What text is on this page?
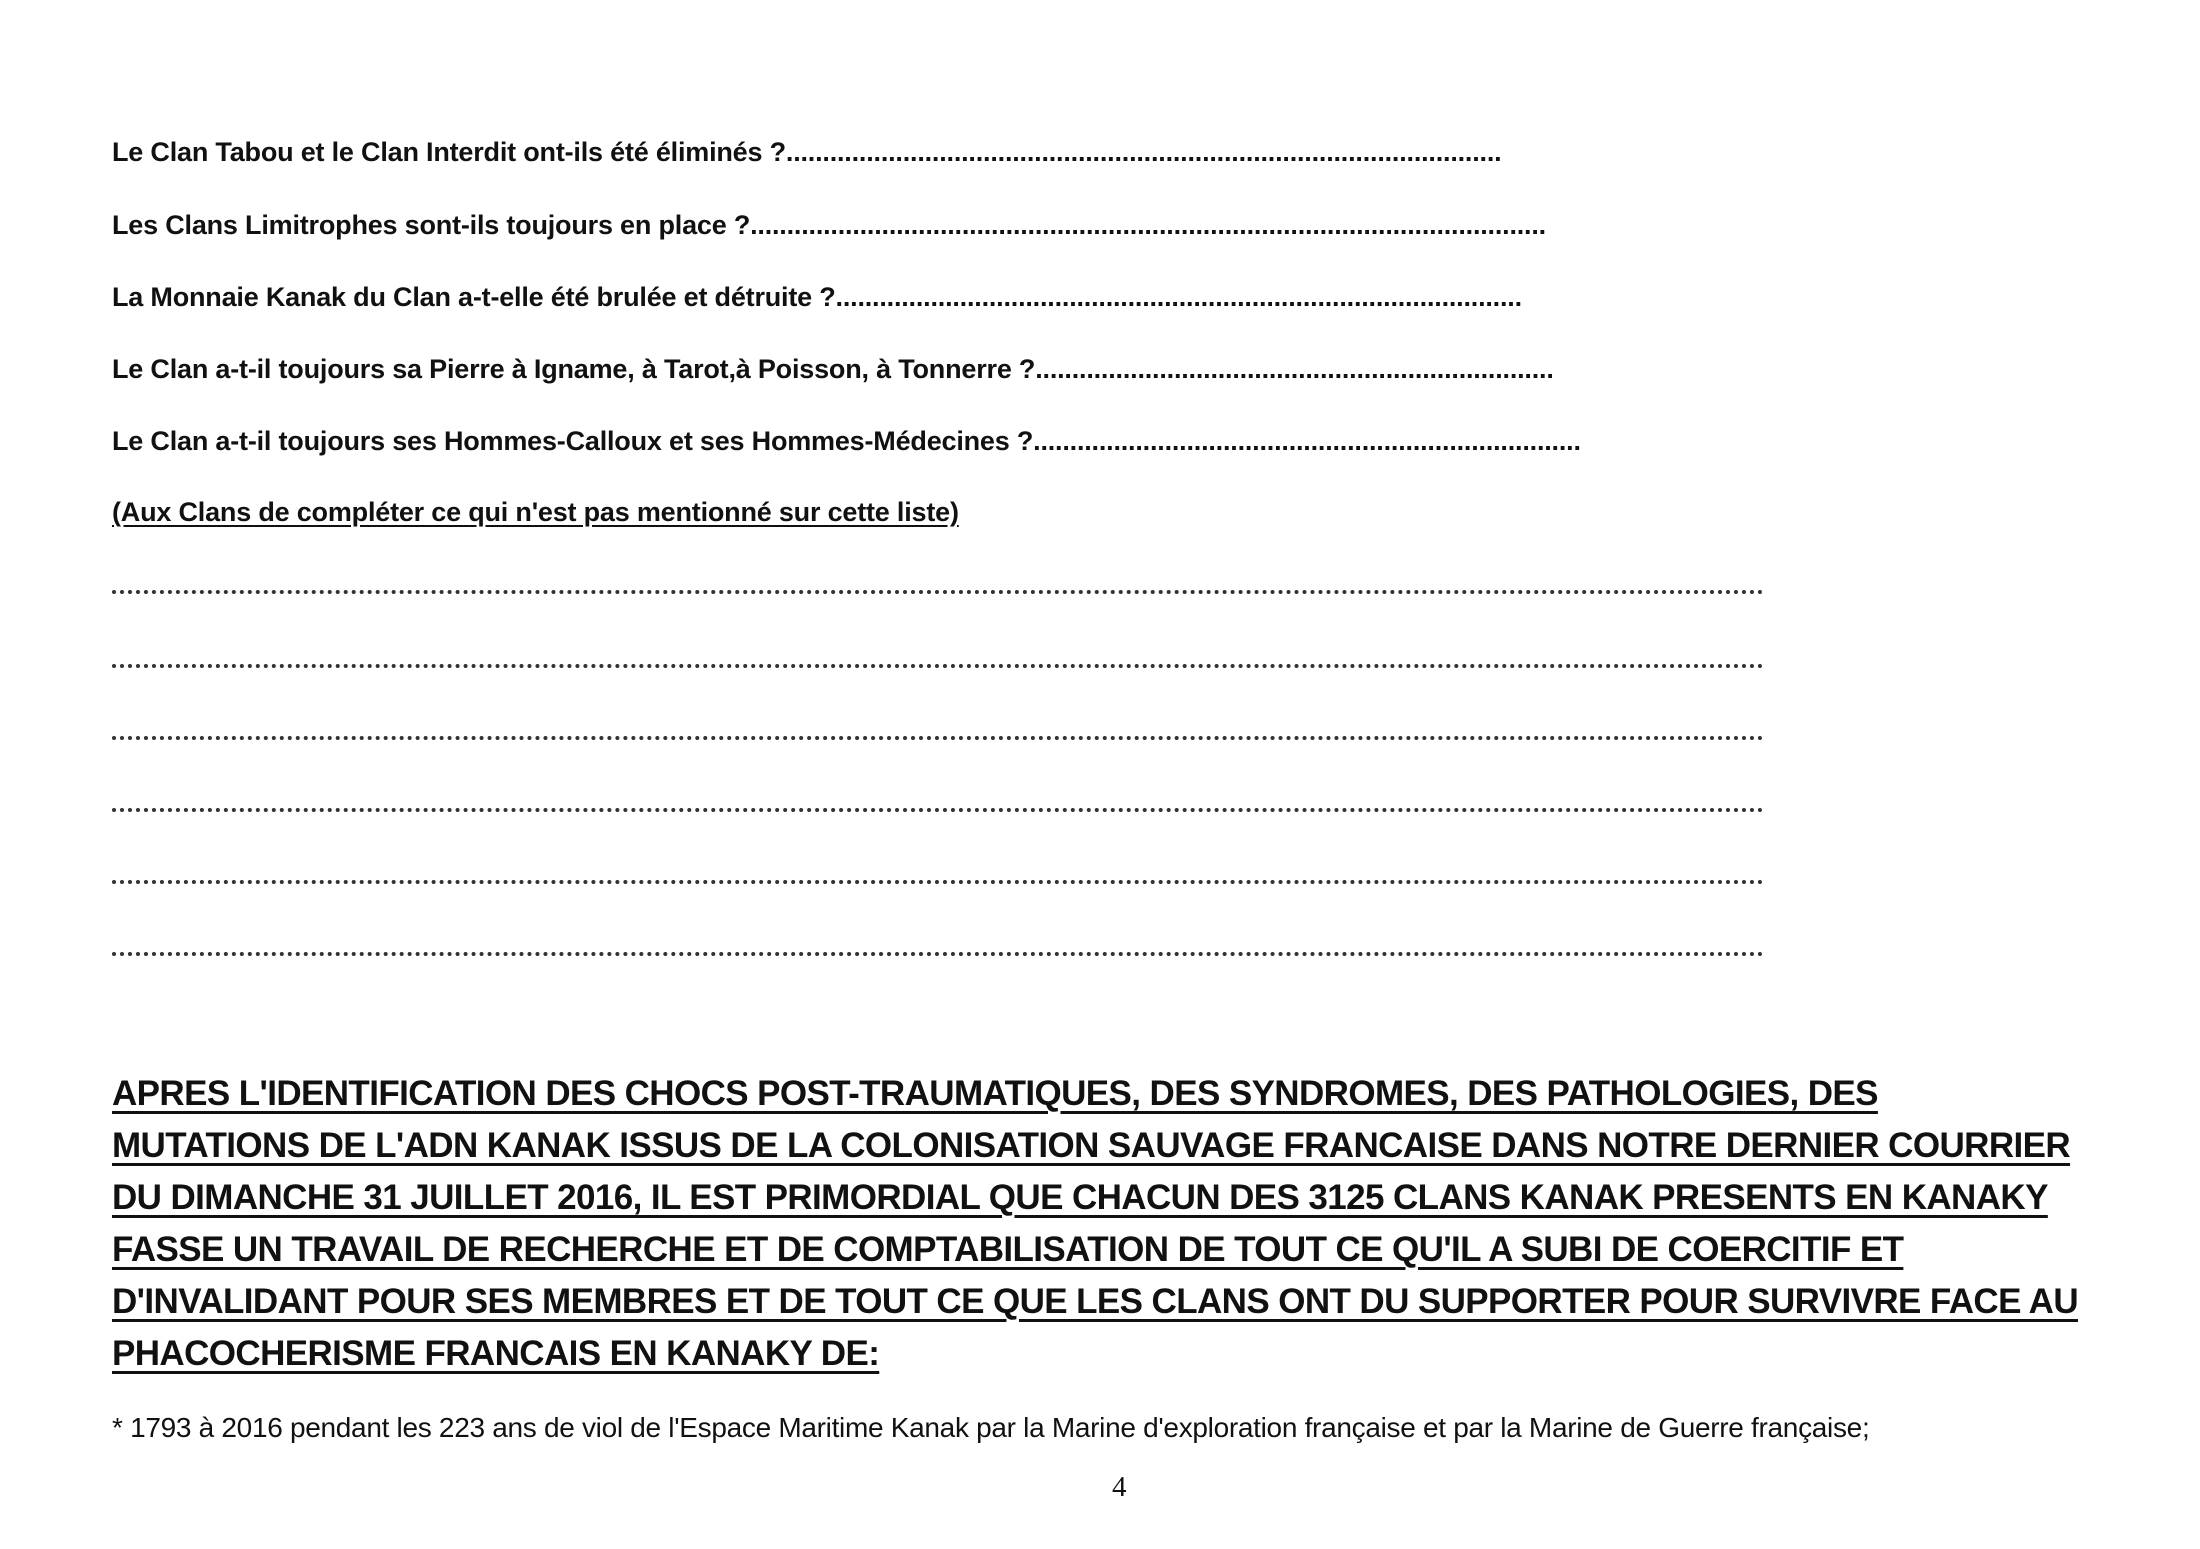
Le Clan Tabou et le Clan Interdit ont-ils été éliminés ?..................................................................................................
Les Clans Limitrophes sont-ils toujours en place ?.............................................................................................................
La Monnaie Kanak du Clan a-t-elle été brulée et détruite ?..............................................................................................
Le Clan a-t-il toujours sa Pierre à Igname, à Tarot,à Poisson, à Tonnerre ?.......................................................................
Le Clan a-t-il toujours ses Hommes-Calloux et ses Hommes-Médecines ?...........................................................................
(Aux Clans de compléter ce qui n'est pas mentionné sur cette liste)
APRES L'IDENTIFICATION DES CHOCS POST-TRAUMATIQUES, DES SYNDROMES, DES PATHOLOGIES, DES
MUTATIONS DE L'ADN KANAK ISSUS DE LA COLONISATION SAUVAGE FRANCAISE DANS NOTRE DERNIER COURRIER
DU DIMANCHE 31 JUILLET 2016, IL EST PRIMORDIAL QUE CHACUN DES 3125 CLANS KANAK PRESENTS EN KANAKY
FASSE UN TRAVAIL DE RECHERCHE ET DE COMPTABILISATION DE TOUT CE QU'IL A SUBI DE COERCITIF ET
D'INVALIDANT POUR SES MEMBRES ET DE TOUT CE QUE LES CLANS ONT DU SUPPORTER POUR SURVIVRE FACE AU
PHACOCHERISME FRANCAIS EN KANAKY DE:
* 1793 à 2016 pendant les 223 ans de viol de l'Espace Maritime Kanak par la Marine d'exploration française et par la Marine de Guerre française;
4
